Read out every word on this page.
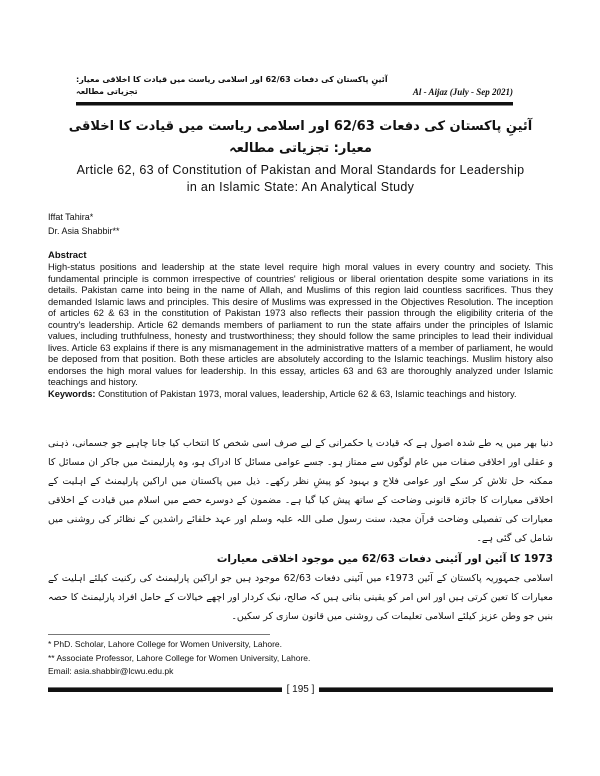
آئینِ پاکستان کی دفعات 62/63 اور اسلامی ریاست میں قیادت کا اخلاقی معیار: تجزیاتی مطالعہ	Al - Aijaz (July - Sep 2021)
آئینِ پاکستان کی دفعات 62/63 اور اسلامی ریاست میں قیادت کا اخلاقی معیار: تجزیاتی مطالعہ
Article 62, 63 of Constitution of Pakistan and Moral Standards for Leadership in an Islamic State: An Analytical Study
Iffat Tahira*
Dr. Asia Shabbir**
Abstract

High-status positions and leadership at the state level require high moral values in every country and society. This fundamental principle is common irrespective of countries' religious or liberal orientation despite some variations in its details. Pakistan came into being in the name of Allah, and Muslims of this region laid countless sacrifices. Thus they demanded Islamic laws and principles. This desire of Muslims was expressed in the Objectives Resolution. The inception of articles 62 & 63 in the constitution of Pakistan 1973 also reflects their passion through the eligibility criteria of the country's leadership. Article 62 demands members of parliament to run the state affairs under the principles of Islamic values, including truthfulness, honesty and trustworthiness; they should follow the same principles to lead their individual lives. Article 63 explains if there is any mismanagement in the administrative matters of a member of parliament, he would be deposed from that position. Both these articles are absolutely according to the Islamic teachings. Muslim history also endorses the high moral values for leadership. In this essay, articles 63 and 63 are thoroughly analyzed under Islamic teachings and history.

Keywords: Constitution of Pakistan 1973, moral values, leadership, Article 62 & 63, Islamic teachings and history.

دنیا بھر میں یہ طے شدہ اصول ہے کہ قیادت یا حکمرانی کے لیے صرف اسی شخص کا انتخاب کیا جانا چاہیے جو جسمانی، ذہنی و عقلی اور اخلاقی صفات میں عام لوگوں سے ممتاز ہو۔ جسے عوامی مسائل کا ادراک ہو، وہ پارلیمنٹ میں جاکر ان مسائل کا ممکنہ حل تلاش کر سکے اور عوامی فلاح و بہبود کو پیشِ نظر رکھے۔ ذیل میں پاکستان میں اراکین پارلیمنٹ کے اہلیت کے اخلاقی معیارات کا جائزہ قانونی وضاحت کے ساتھ پیش کیا گیا ہے۔ مضمون کے دوسرے حصے میں اسلام میں قیادت کے اخلاقی معیارات کی تفصیلی وضاحت قرآن مجید، سنت رسول صلی اللہ علیہ وسلم اور عہد خلفائے راشدین کے نظائر کی روشنی میں شامل کی گئی ہے۔
1973 کا آئین اور آئینی دفعات 62/63 میں موجود اخلاقی معیارات
اسلامی جمہوریہ پاکستان کے آئین 1973ء میں آئینی دفعات 62/63 موجود ہیں جو اراکین پارلیمنٹ کی رکنیت کیلئے اہلیت کے معیارات کا تعین کرتی ہیں اور اس امر کو یقینی بناتی ہیں کہ صالح، نیک کردار اور اچھے خیالات کے حامل افراد پارلیمنٹ کا حصہ بنیں جو وطن عزیز کیلئے اسلامی تعلیمات کی روشنی میں قانون سازی کر سکیں۔
* PhD. Scholar, Lahore College for Women University, Lahore.
** Associate Professor, Lahore College for Women University, Lahore.
Email: asia.shabbir@lcwu.edu.pk
[ 195 ]
